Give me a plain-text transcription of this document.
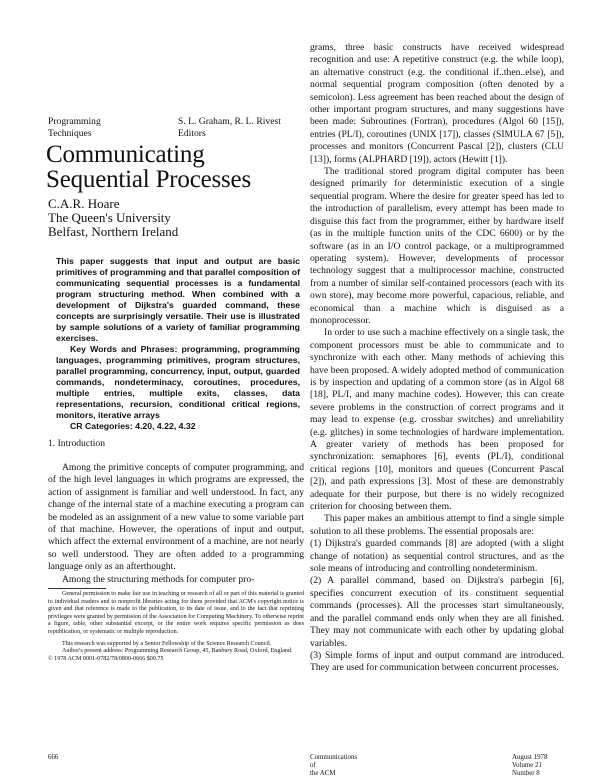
Programming Techniques
S. L. Graham, R. L. Rivest
Editors
Communicating
Sequential Processes
C.A.R. Hoare
The Queen's University
Belfast, Northern Ireland

This paper suggests that input and output are basic primitives of programming and that parallel composition of communicating sequential processes is a fundamental program structuring method. When combined with a development of Dijkstra's guarded command, these concepts are surprisingly versatile. Their use is illustrated by sample solutions of a variety of familiar programming exercises.

Key Words and Phrases: programming, programming languages, programming primitives, program structures, parallel programming, concurrency, input, output, guarded commands, nondeterminacy, coroutines, procedures, multiple entries, multiple exits, classes, data representations, recursion, conditional critical regions, monitors, iterative arrays

CR Categories: 4.20, 4.22, 4.32

1. Introduction

Among the primitive concepts of computer programming, and of the high level languages in which programs are expressed, the action of assignment is familiar and well understood. In fact, any change of the internal state of a machine executing a program can be modeled as an assignment of a new value to some variable part of that machine. However, the operations of input and output, which affect the external environment of a machine, are not nearly so well understood. They are often added to a programming language only as an afterthought.

Among the structuring methods for computer pro-

General permission to make fair use in teaching or research of all or part of this material is granted to individual readers and to nonprofit libraries acting for them provided that ACM's copyright notice is given and that reference is made to the publication, to its date of issue, and to the fact that reprinting privileges were granted by permission of the Association for Computing Machinery. To otherwise reprint a figure, table, other substantial excerpt, or the entire work requires specific permission as does republication, or systematic or multiple reproduction.

This research was supported by a Senior Fellowship of the Science Research Council.

Author's present address: Programming Research Group, 45, Banbury Road, Oxford, England.

© 1978 ACM 0001-0782/78/0800-0666 $00.75

grams, three basic constructs have received widespread recognition and use: A repetitive construct (e.g. the while loop), an alternative construct (e.g. the conditional if..then..else), and normal sequential program composition (often denoted by a semicolon). Less agreement has been reached about the design of other important program structures, and many suggestions have been made: Subroutines (Fortran), procedures (Algol 60 [15]), entries (PL/I), coroutines (UNIX [17]), classes (SIMULA 67 [5]), processes and monitors (Concurrent Pascal [2]), clusters (CLU [13]), forms (ALPHARD [19]), actors (Hewitt [1]).

The traditional stored program digital computer has been designed primarily for deterministic execution of a single sequential program. Where the desire for greater speed has led to the introduction of parallelism, every attempt has been made to disguise this fact from the programmer, either by hardware itself (as in the multiple function units of the CDC 6600) or by the software (as in an I/O control package, or a multiprogrammed operating system). However, developments of processor technology suggest that a multiprocessor machine, constructed from a number of similar self-contained processors (each with its own store), may become more powerful, capacious, reliable, and economical than a machine which is disguised as a monoprocessor.

In order to use such a machine effectively on a single task, the component processors must be able to communicate and to synchronize with each other. Many methods of achieving this have been proposed. A widely adopted method of communication is by inspection and updating of a common store (as in Algol 68 [18], PL/I, and many machine codes). However, this can create severe problems in the construction of correct programs and it may lead to expense (e.g. crossbar switches) and unreliability (e.g. glitches) in some technologies of hardware implementation. A greater variety of methods has been proposed for synchronization: semaphores [6], events (PL/I), conditional critical regions [10], monitors and queues (Concurrent Pascal [2]), and path expressions [3]. Most of these are demonstrably adequate for their purpose, but there is no widely recognized criterion for choosing between them.

This paper makes an ambitious attempt to find a single simple solution to all these problems. The essential proposals are:

(1) Dijkstra's guarded commands [8] are adopted (with a slight change of notation) as sequential control structures, and as the sole means of introducing and controlling nondeterminism.

(2) A parallel command, based on Dijkstra's parbegin [6], specifies concurrent execution of its constituent sequential commands (processes). All the processes start simultaneously, and the parallel command ends only when they are all finished. They may not communicate with each other by updating global variables.

(3) Simple forms of input and output command are introduced. They are used for communication between concurrent processes.

666	Communications
of
the ACM
August 1978
Volume 21
Number 8
